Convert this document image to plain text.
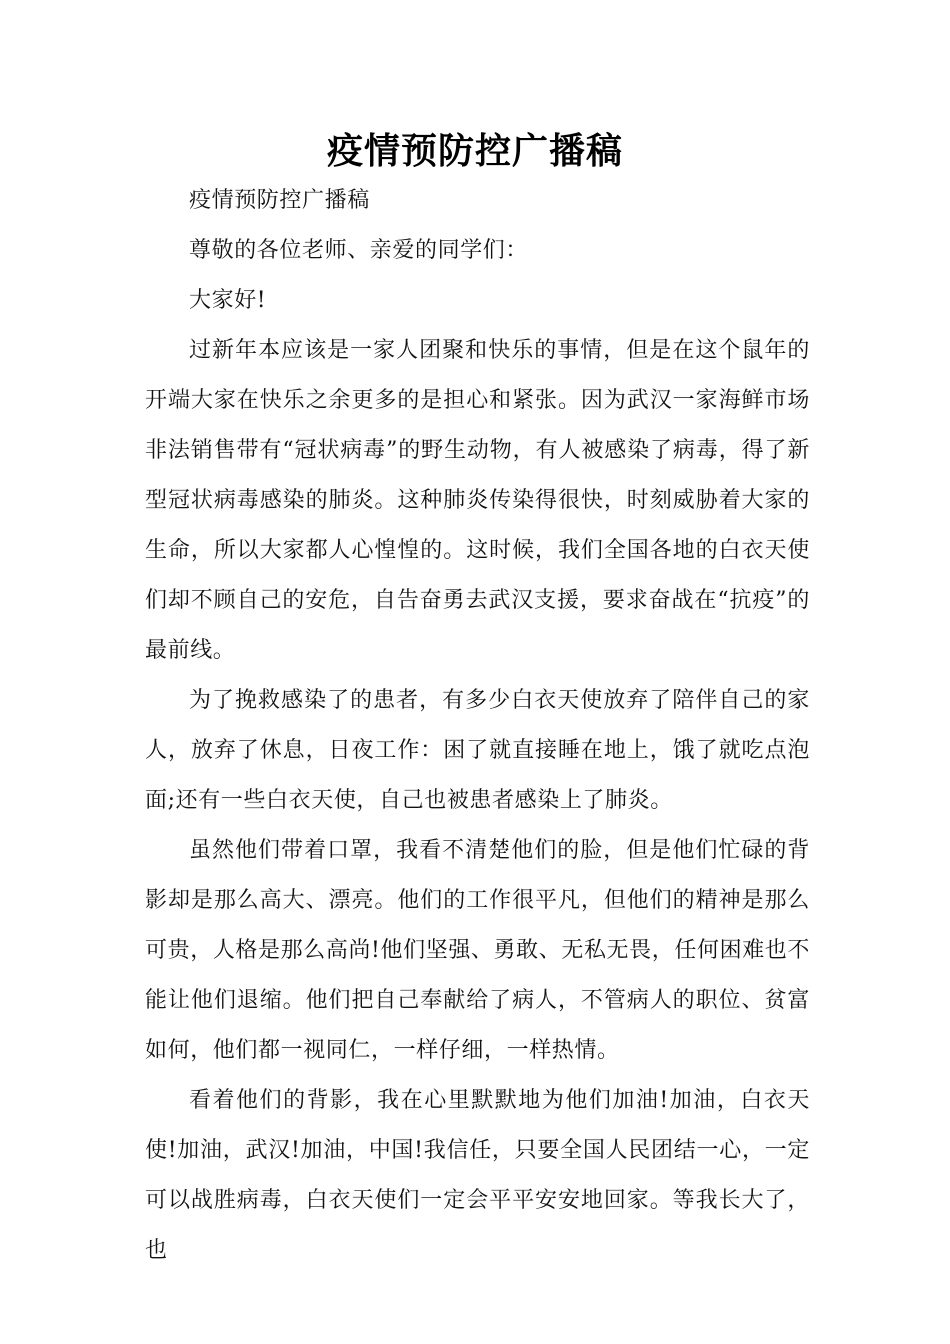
疫情预防控广播稿

疫情预防控广播稿

尊敬的各位老师、亲爱的同学们：

大家好!

过新年本应该是一家人团聚和快乐的事情，但是在这个鼠年的开端大家在快乐之余更多的是担心和紧张。因为武汉一家海鲜市场非法销售带有“冠状病毒”的野生动物，有人被感染了病毒，得了新型冠状病毒感染的肺炎。这种肺炎传染得很快，时刻威胁着大家的生命，所以大家都人心惶惶的。这时候，我们全国各地的白衣天使们却不顾自己的安危，自告奋勇去武汉支援，要求奋战在“抗疫”的最前线。

为了挽救感染了的患者，有多少白衣天使放弃了陪伴自己的家人，放弃了休息，日夜工作：困了就直接睡在地上，饿了就吃点泡面;还有一些白衣天使，自己也被患者感染上了肺炎。

虽然他们带着口罩，我看不清楚他们的脸，但是他们忙碌的背影却是那么高大、漂亮。他们的工作很平凡，但他们的精神是那么可贵，人格是那么高尚!他们坚强、勇敢、无私无畏，任何困难也不能让他们退缩。他们把自己奉献给了病人，不管病人的职位、贫富如何，他们都一视同仁，一样仔细，一样热情。

看着他们的背影，我在心里默默地为他们加油!加油，白衣天使!加油，武汉!加油，中国!我信任，只要全国人民团结一心，一定可以战胜病毒，白衣天使们一定会平平安安地回家。等我长大了，也
